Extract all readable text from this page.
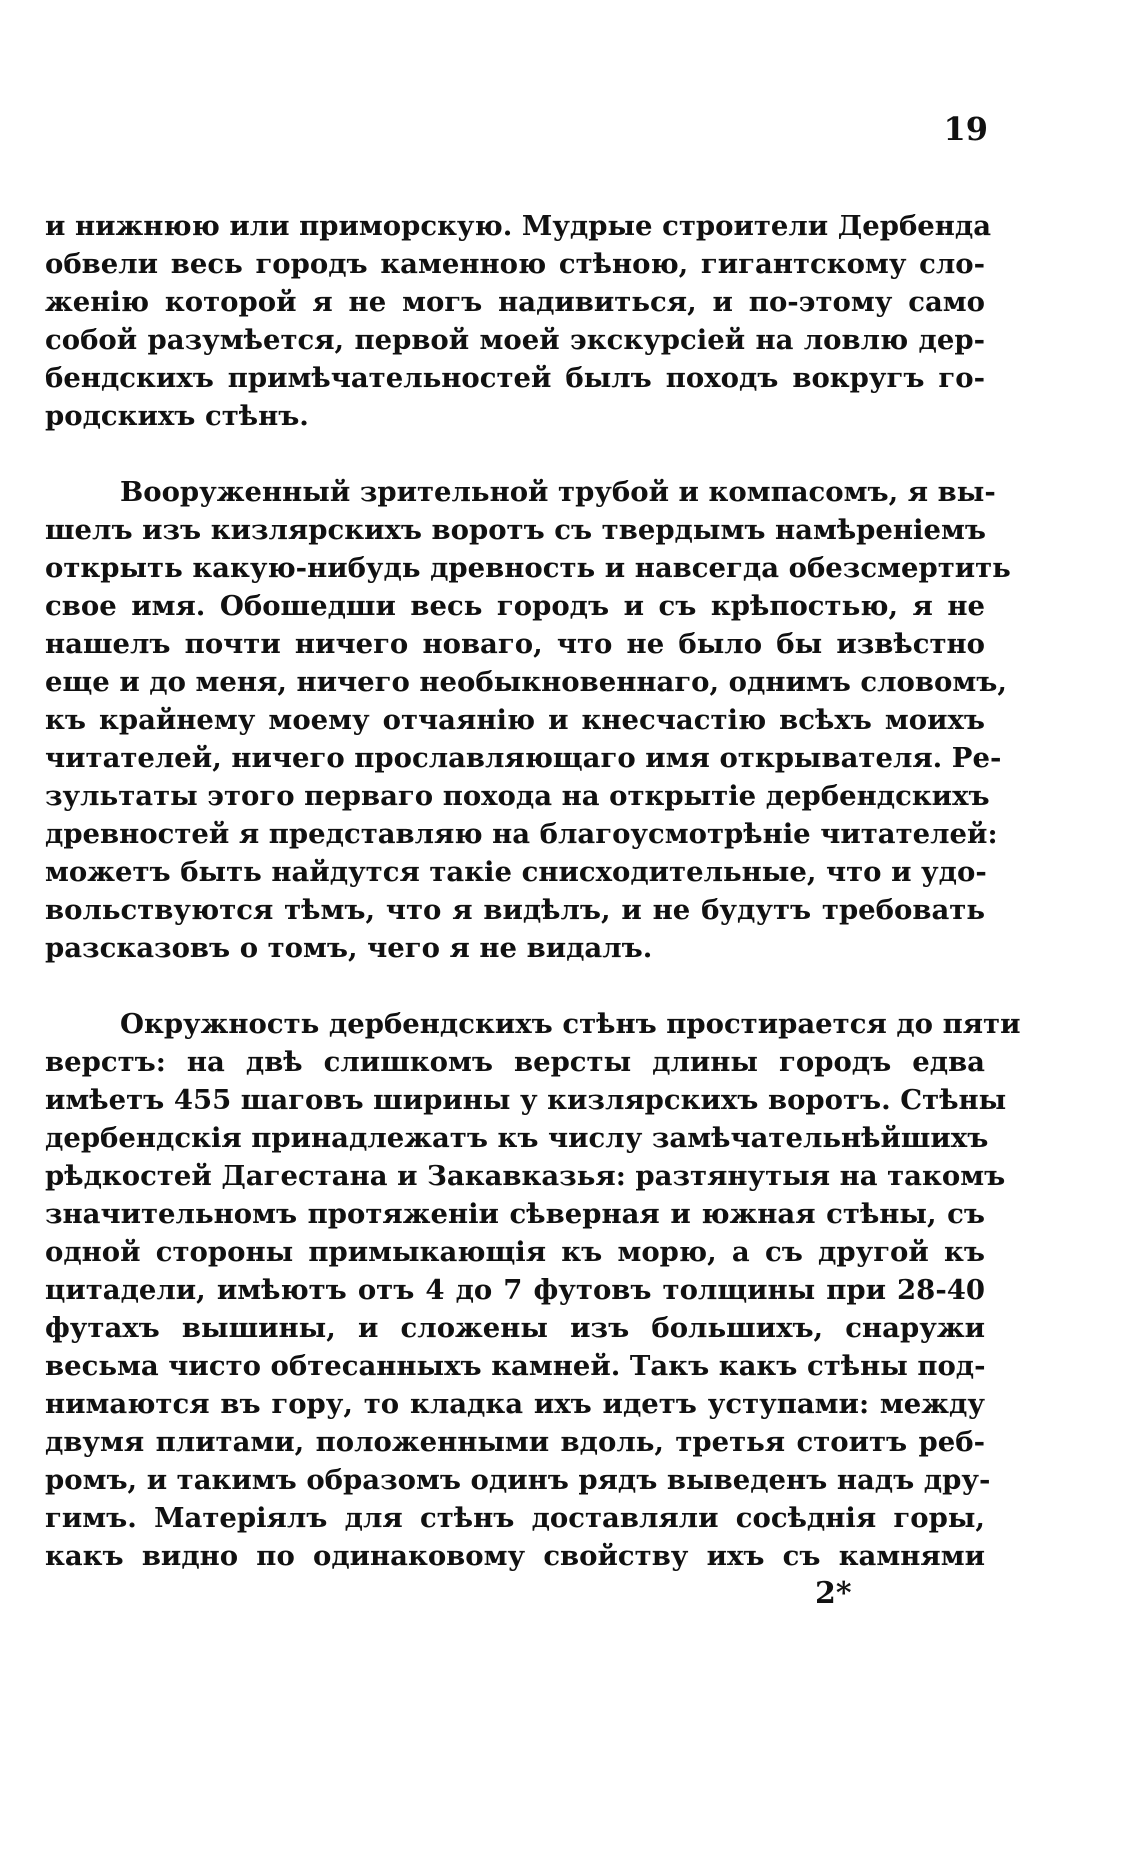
19
и нижнюю или приморскую. Мудрые строители Дербенда
обвели весь городъ каменною стѣною, гигантскому сло-
женію которой я не могъ надивиться, и по-этому само
собой разумѣется, первой моей экскурсіей на ловлю дер-
бендскихъ примѣчательностей былъ походъ вокругъ го-
родскихъ стѣнъ.
Вооруженный зрительной трубой и компасомъ, я вы-
шелъ изъ кизлярскихъ воротъ съ твердымъ намѣреніемъ
открыть какую-нибудь древность и навсегда обезсмертить
свое имя. Обошедши весь городъ и съ крѣпостью, я не
нашелъ почти ничего новаго, что не было бы извѣстно
еще и до меня, ничего необыкновеннаго, однимъ словомъ,
къ крайнему моему отчаянію и кнесчастію всѣхъ моихъ
читателей, ничего прославляющаго имя открывателя. Ре-
зультаты этого перваго похода на открытіе дербендскихъ
древностей я представляю на благоусмотрѣніе читателей:
можетъ быть найдутся такіе снисходительные, что и удо-
вольствуются тѣмъ, что я видѣлъ, и не будутъ требовать
разсказовъ о томъ, чего я не видалъ.
Окружность дербендскихъ стѣнъ простирается до пяти
верстъ: на двѣ слишкомъ версты длины городъ едва
имѣетъ 455 шаговъ ширины у кизлярскихъ воротъ. Стѣны
дербендскія принадлежатъ къ числу замѣчательнѣйшихъ
рѣдкостей Дагестана и Закавказья: разтянутыя на такомъ
значительномъ протяженіи сѣверная и южная стѣны, съ
одной стороны примыкающія къ морю, а съ другой къ
цитадели, имѣютъ отъ 4 до 7 футовъ толщины при 28-40
футахъ вышины, и сложены изъ большихъ, снаружи
весьма чисто обтесанныхъ камней. Такъ какъ стѣны под-
нимаются въ гору, то кладка ихъ идетъ уступами: между
двумя плитами, положенными вдоль, третья стоитъ реб-
ромъ, и такимъ образомъ одинъ рядъ выведенъ надъ дру-
гимъ. Матеріялъ для стѣнъ доставляли сосѣднія горы,
какъ видно по одинаковому свойству ихъ съ камнями
2*
